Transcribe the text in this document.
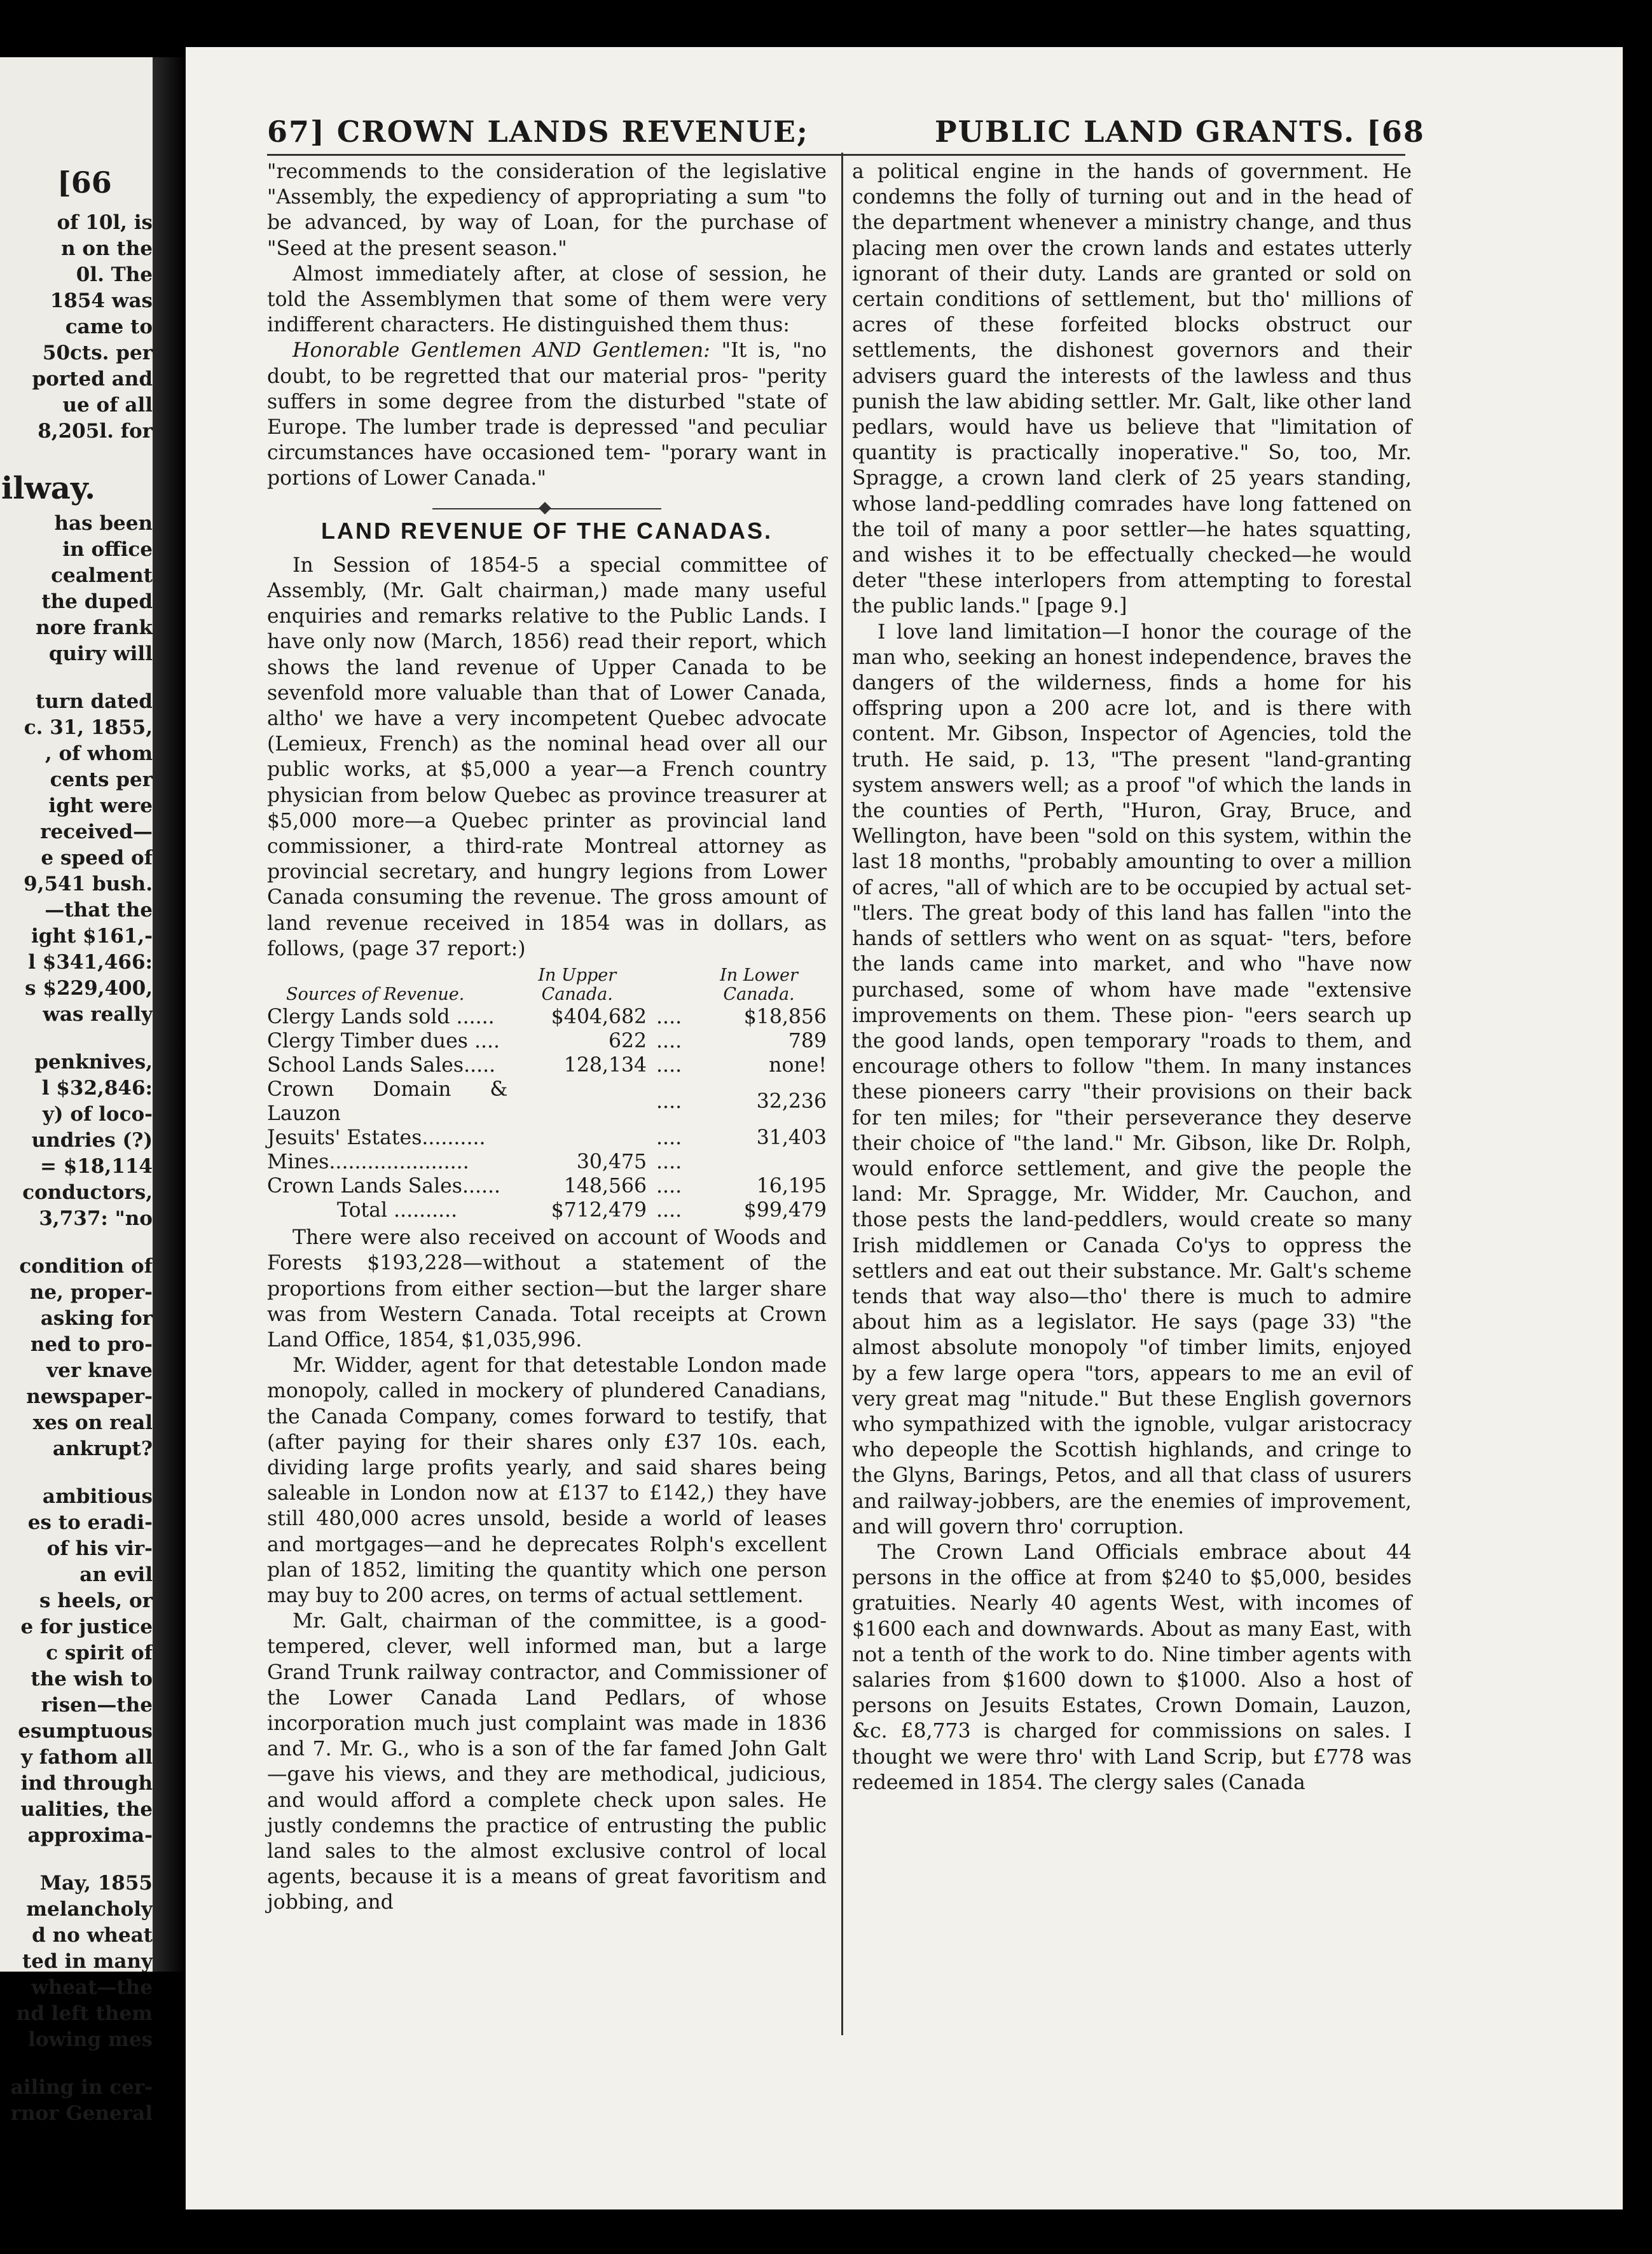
[66
of 10l, is
n on the
0l. The
1854 was
came to
50cts. per
ported and
ue of all
8,205l. for
ilway.
has been
in office
cealment
the duped
nore frank
quiry will
turn dated
c. 31, 1855,
, of whom
cents per
ight were
received—
e speed of
9,541 bush.
—that the
ight $161,-
l $341,466:
s $229,400,
was really
penknives,
l $32,846:
y) of loco-
undries (?)
= $18,114
conductors,
3,737: "no
condition of
ne, proper-
asking for
ned to pro-
ver knave
newspaper-
xes on real
ankrupt?
ambitious
es to eradi-
of his vir-
an evil
s heels, or
e for justice
c spirit of
the wish to
risen—the
esumptuous
y fathom all
ind through
ualities, the
approxima-
May, 1855
melancholy
d no wheat
ted in many
wheat—the
nd left them
lowing mes
ailing in cer-
rnor General
67] CROWN LANDS REVENUE;	PUBLIC LAND GRANTS. [68

"recommends to the consideration of the legislative "Assembly, the expediency of appropriating a sum "to be advanced, by way of Loan, for the purchase of "Seed at the present season."

Almost immediately after, at close of session, he told the Assemblymen that some of them were very indifferent characters. He distinguished them thus:

Honorable Gentlemen AND Gentlemen: "It is, "no doubt, to be regretted that our material pros- "perity suffers in some degree from the disturbed "state of Europe. The lumber trade is depressed "and peculiar circumstances have occasioned tem- "porary want in portions of Lower Canada."

LAND REVENUE OF THE CANADAS.

In Session of 1854-5 a special committee of Assembly, (Mr. Galt chairman,) made many useful enquiries and remarks relative to the Public Lands. I have only now (March, 1856) read their report, which shows the land revenue of Upper Canada to be sevenfold more valuable than that of Lower Canada, altho' we have a very incompetent Quebec advocate (Lemieux, French) as the nominal head over all our public works, at $5,000 a year—a French country physician from below Quebec as province treasurer at $5,000 more—a Quebec printer as provincial land commissioner, a third-rate Montreal attorney as provincial secretary, and hungry legions from Lower Canada consuming the revenue. The gross amount of land revenue received in 1854 was in dollars, as follows, (page 37 report:)

Sources of Revenue.	In Upper Canada.		In Lower Canada.
Clergy Lands sold ......	$404,682	....	$18,856
Clergy Timber dues ....	622	....	789
School Lands Sales.....	128,134	....	none!
Crown Domain & Lauzon		....	32,236
Jesuits' Estates..........		....	31,403
Mines......................	30,475	....	
Crown Lands Sales......	148,566	....	16,195
Total ..........	$712,479	....	$99,479

There were also received on account of Woods and Forests $193,228—without a statement of the proportions from either section—but the larger share was from Western Canada. Total receipts at Crown Land Office, 1854, $1,035,996.

Mr. Widder, agent for that detestable London made monopoly, called in mockery of plundered Canadians, the Canada Company, comes forward to testify, that (after paying for their shares only £37 10s. each, dividing large profits yearly, and said shares being saleable in London now at £137 to £142,) they have still 480,000 acres unsold, beside a world of leases and mortgages—and he deprecates Rolph's excellent plan of 1852, limiting the quantity which one person may buy to 200 acres, on terms of actual settlement.

Mr. Galt, chairman of the committee, is a good-tempered, clever, well informed man, but a large Grand Trunk railway contractor, and Commissioner of the Lower Canada Land Pedlars, of whose incorporation much just complaint was made in 1836 and 7. Mr. G., who is a son of the far famed John Galt—gave his views, and they are methodical, judicious, and would afford a complete check upon sales. He justly condemns the practice of entrusting the public land sales to the almost exclusive control of local agents, because it is a means of great favoritism and jobbing, and

a political engine in the hands of government. He condemns the folly of turning out and in the head of the department whenever a ministry change, and thus placing men over the crown lands and estates utterly ignorant of their duty. Lands are granted or sold on certain conditions of settlement, but tho' millions of acres of these forfeited blocks obstruct our settlements, the dishonest governors and their advisers guard the interests of the lawless and thus punish the law abiding settler. Mr. Galt, like other land pedlars, would have us believe that "limitation of quantity is practically inoperative." So, too, Mr. Spragge, a crown land clerk of 25 years standing, whose land-peddling comrades have long fattened on the toil of many a poor settler—he hates squatting, and wishes it to be effectually checked—he would deter "these interlopers from attempting to forestal the public lands." [page 9.]

I love land limitation—I honor the courage of the man who, seeking an honest independence, braves the dangers of the wilderness, finds a home for his offspring upon a 200 acre lot, and is there with content. Mr. Gibson, Inspector of Agencies, told the truth. He said, p. 13, "The present "land-granting system answers well; as a proof "of which the lands in the counties of Perth, "Huron, Gray, Bruce, and Wellington, have been "sold on this system, within the last 18 months, "probably amounting to over a million of acres, "all of which are to be occupied by actual set- "tlers. The great body of this land has fallen "into the hands of settlers who went on as squat- "ters, before the lands came into market, and who "have now purchased, some of whom have made "extensive improvements on them. These pion- "eers search up the good lands, open temporary "roads to them, and encourage others to follow "them. In many instances these pioneers carry "their provisions on their back for ten miles; for "their perseverance they deserve their choice of "the land." Mr. Gibson, like Dr. Rolph, would enforce settlement, and give the people the land: Mr. Spragge, Mr. Widder, Mr. Cauchon, and those pests the land-peddlers, would create so many Irish middlemen or Canada Co'ys to oppress the settlers and eat out their substance. Mr. Galt's scheme tends that way also—tho' there is much to admire about him as a legislator. He says (page 33) "the almost absolute monopoly "of timber limits, enjoyed by a few large opera "tors, appears to me an evil of very great mag "nitude." But these English governors who sympathized with the ignoble, vulgar aristocracy who depeople the Scottish highlands, and cringe to the Glyns, Barings, Petos, and all that class of usurers and railway-jobbers, are the enemies of improvement, and will govern thro' corruption.

The Crown Land Officials embrace about 44 persons in the office at from $240 to $5,000, besides gratuities. Nearly 40 agents West, with incomes of $1600 each and downwards. About as many East, with not a tenth of the work to do. Nine timber agents with salaries from $1600 down to $1000. Also a host of persons on Jesuits Estates, Crown Domain, Lauzon, &c. £8,773 is charged for commissions on sales. I thought we were thro' with Land Scrip, but £778 was redeemed in 1854. The clergy sales (Canada
